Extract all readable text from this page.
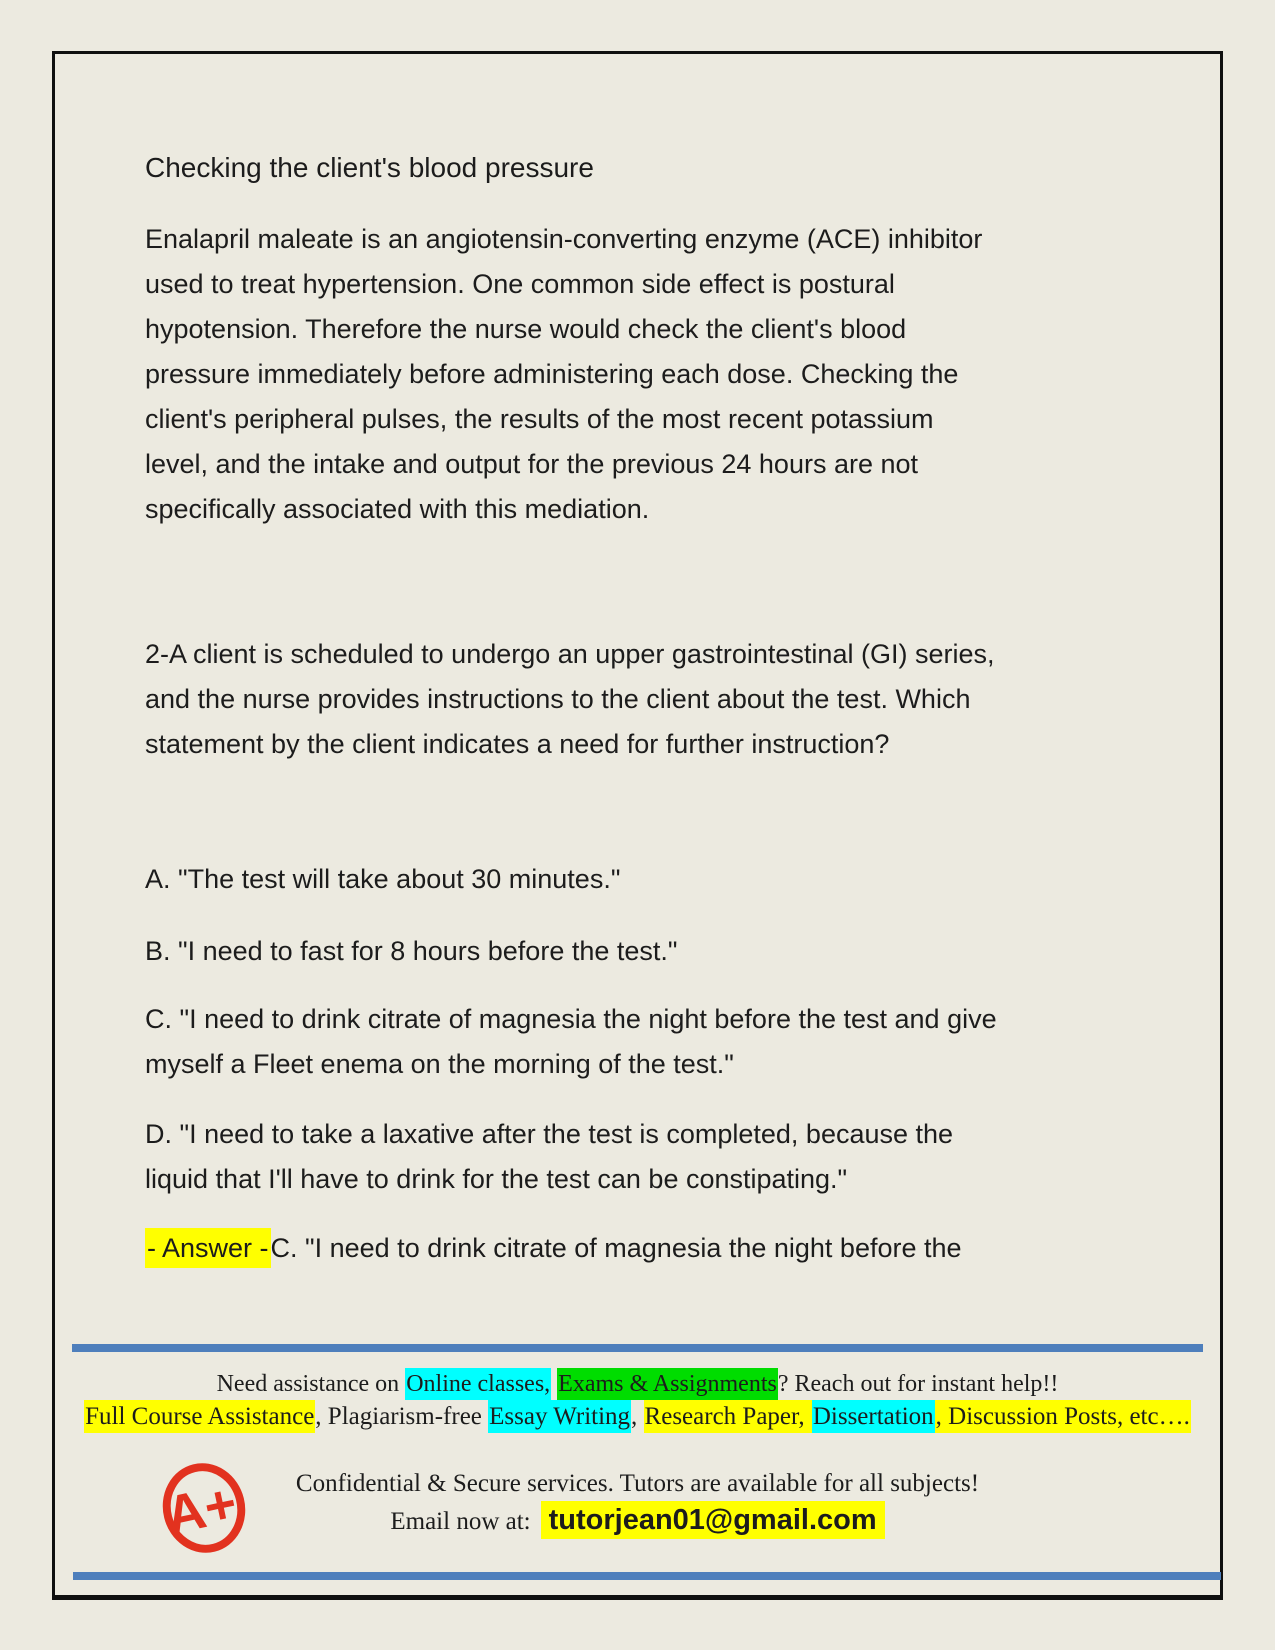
Checking the client's blood pressure
Enalapril maleate is an angiotensin-converting enzyme (ACE) inhibitor
used to treat hypertension. One common side effect is postural
hypotension. Therefore the nurse would check the client's blood
pressure immediately before administering each dose. Checking the
client's peripheral pulses, the results of the most recent potassium
level, and the intake and output for the previous 24 hours are not
specifically associated with this mediation.
2-A client is scheduled to undergo an upper gastrointestinal (GI) series,
and the nurse provides instructions to the client about the test. Which
statement by the client indicates a need for further instruction?
A. "The test will take about 30 minutes."
B. "I need to fast for 8 hours before the test."
C. "I need to drink citrate of magnesia the night before the test and give
myself a Fleet enema on the morning of the test."
D. "I need to take a laxative after the test is completed, because the
liquid that I'll have to drink for the test can be constipating."
- Answer -C. "I need to drink citrate of magnesia the night before the
Need assistance on Online classes, Exams & Assignments? Reach out for instant help!!
Full Course Assistance, Plagiarism-free Essay Writing, Research Paper, Dissertation, Discussion Posts, etc….
A+	Confidential & Secure services. Tutors are available for all subjects!
Email now at: tutorjean01@gmail.com
